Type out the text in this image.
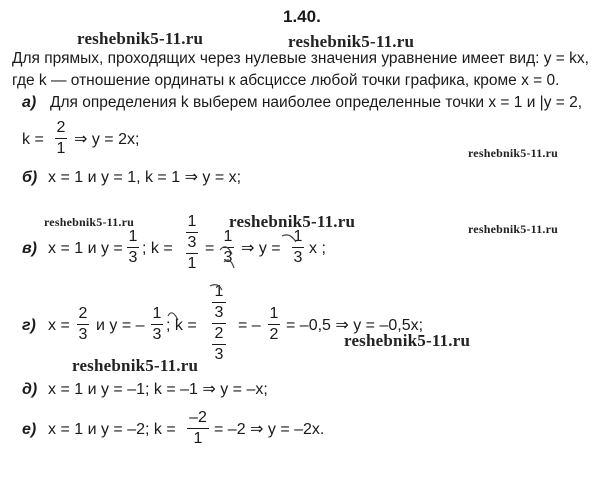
1.40.
reshebnik5-11.ru	reshebnik5-11.ru
reshebnik5-11.ru
reshebnik5-11.ru	reshebnik5-11.ru	reshebnik5-11.ru
reshebnik5-11.ru
reshebnik5-11.ru
Для прямых, проходящих через нулевые значения уравнение имеет вид: y = kx,
где k — отношение ординаты к абсциссе любой точки графика, кроме x = 0.
а) Для определения k выберем наиболее определенные точки x = 1 и |y = 2,
k =
2
1
⇒ y = 2x;
б) x = 1 и y = 1, k = 1 ⇒ y = x;
в) x = 1 и y =
1
3
; k =
1
3
1
=
1
3
⇒ y =
1
3
x ;
г) x =
2
3
и y = –
1
3
; k =
1
3
2
3
= –
1
2
= –0,5 ⇒ y = –0,5x;
д) x = 1 и y = –1; k = –1 ⇒ y = –x;
е) x = 1 и y = –2; k =
–2
1
= –2 ⇒ y = –2x.
